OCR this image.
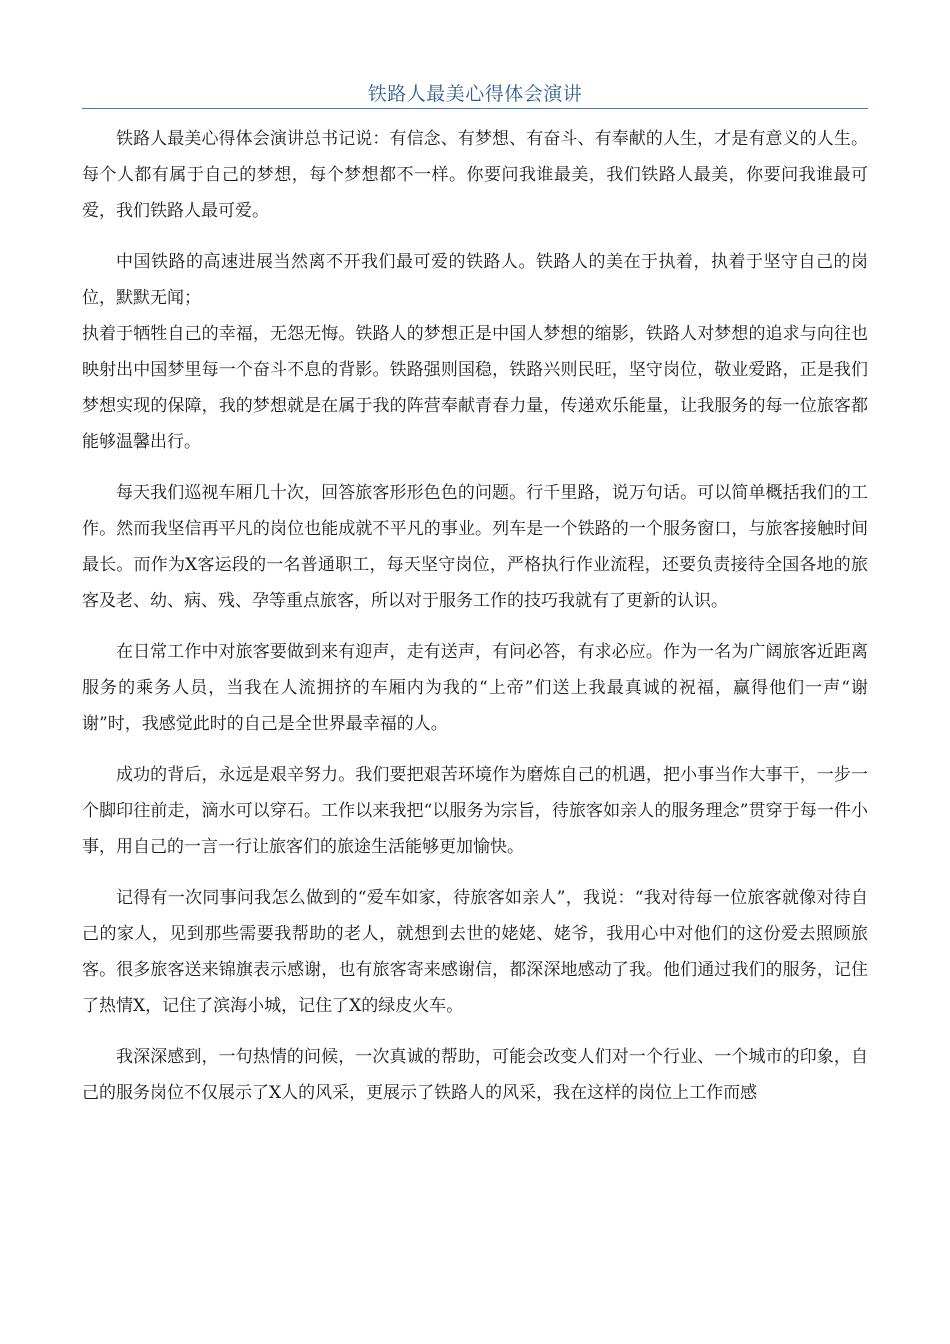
铁路人最美心得体会演讲

铁路人最美心得体会演讲总书记说：有信念、有梦想、有奋斗、有奉献的人生，才是有意义的人生。每个人都有属于自己的梦想，每个梦想都不一样。你要问我谁最美，我们铁路人最美，你要问我谁最可爱，我们铁路人最可爱。

中国铁路的高速进展当然离不开我们最可爱的铁路人。铁路人的美在于执着，执着于坚守自己的岗位，默默无闻；

执着于牺牲自己的幸福，无怨无悔。铁路人的梦想正是中国人梦想的缩影，铁路人对梦想的追求与向往也映射出中国梦里每一个奋斗不息的背影。铁路强则国稳，铁路兴则民旺，坚守岗位，敬业爱路，正是我们梦想实现的保障，我的梦想就是在属于我的阵营奉献青春力量，传递欢乐能量，让我服务的每一位旅客都能够温馨出行。

每天我们巡视车厢几十次，回答旅客形形色色的问题。行千里路，说万句话。可以简单概括我们的工作。然而我坚信再平凡的岗位也能成就不平凡的事业。列车是一个铁路的一个服务窗口，与旅客接触时间最长。而作为X客运段的一名普通职工，每天坚守岗位，严格执行作业流程，还要负责接待全国各地的旅客及老、幼、病、残、孕等重点旅客，所以对于服务工作的技巧我就有了更新的认识。

在日常工作中对旅客要做到来有迎声，走有送声，有问必答，有求必应。作为一名为广阔旅客近距离服务的乘务人员，当我在人流拥挤的车厢内为我的“上帝”们送上我最真诚的祝福，赢得他们一声“谢谢”时，我感觉此时的自己是全世界最幸福的人。

成功的背后，永远是艰辛努力。我们要把艰苦环境作为磨炼自己的机遇，把小事当作大事干，一步一个脚印往前走，滴水可以穿石。工作以来我把“以服务为宗旨，待旅客如亲人的服务理念”贯穿于每一件小事，用自己的一言一行让旅客们的旅途生活能够更加愉快。

记得有一次同事问我怎么做到的“爱车如家，待旅客如亲人”，我说：“我对待每一位旅客就像对待自己的家人，见到那些需要我帮助的老人，就想到去世的姥姥、姥爷，我用心中对他们的这份爱去照顾旅客。很多旅客送来锦旗表示感谢，也有旅客寄来感谢信，都深深地感动了我。他们通过我们的服务，记住了热情X，记住了滨海小城，记住了X的绿皮火车。

我深深感到，一句热情的问候，一次真诚的帮助，可能会改变人们对一个行业、一个城市的印象，自己的服务岗位不仅展示了X人的风采，更展示了铁路人的风采，我在这样的岗位上工作而感
